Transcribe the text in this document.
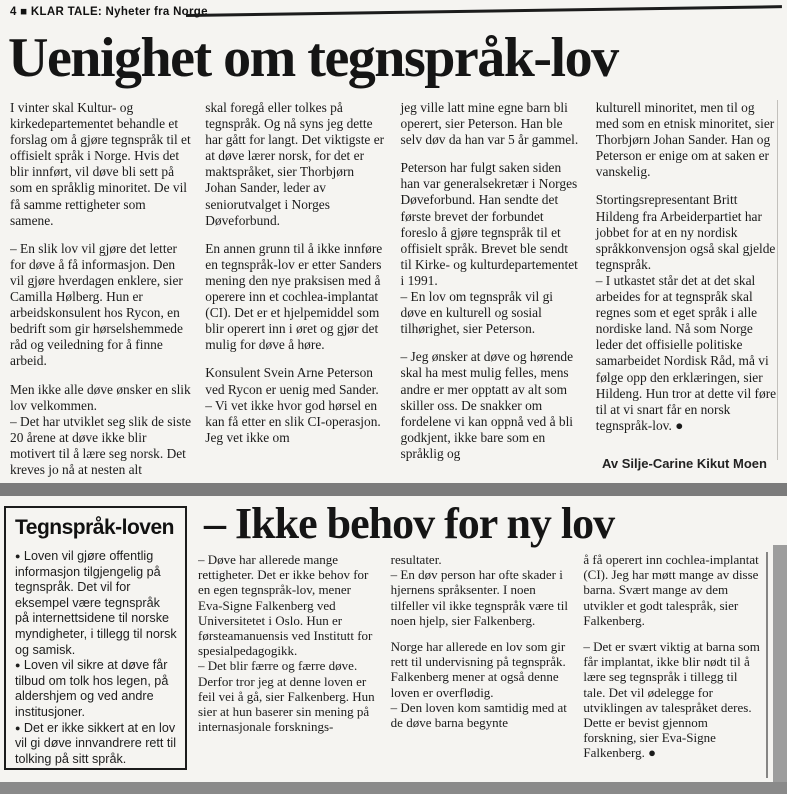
4 ■ KLAR TALE: Nyheter fra Norge
Uenighet om tegnspråk-lov

I vinter skal Kultur- og kirkedepartementet behandle et forslag om å gjøre tegnspråk til et offisielt språk i Norge. Hvis det blir innført, vil døve bli sett på som en språklig minoritet. De vil få samme rettigheter som samene.

– En slik lov vil gjøre det letter for døve å få informasjon. Den vil gjøre hverdagen enklere, sier Camilla Hølberg. Hun er arbeidskonsulent hos Rycon, en bedrift som gir hørselshemmede råd og veiledning for å finne arbeid.

Men ikke alle døve ønsker en slik lov velkommen.

– Det har utviklet seg slik de siste 20 årene at døve ikke blir motivert til å lære seg norsk. Det kreves jo nå at nesten alt

skal foregå eller tolkes på tegnspråk. Og nå syns jeg dette har gått for langt. Det viktigste er at døve lærer norsk, for det er maktspråket, sier Thorbjørn Johan Sander, leder av seniorutvalget i Norges Døveforbund.

En annen grunn til å ikke innføre en tegnspråk-lov er etter Sanders mening den nye praksisen med å operere inn et cochlea-implantat (CI). Det er et hjelpemiddel som blir operert inn i øret og gjør det mulig for døve å høre.

Konsulent Svein Arne Peterson ved Rycon er uenig med Sander.

– Vi vet ikke hvor god hørsel en kan få etter en slik CI-operasjon. Jeg vet ikke om

jeg ville latt mine egne barn bli operert, sier Peterson. Han ble selv døv da han var 5 år gammel.

Peterson har fulgt saken siden han var generalsekretær i Norges Døveforbund. Han sendte det første brevet der forbundet foreslo å gjøre tegnspråk til et offisielt språk. Brevet ble sendt til Kirke- og kulturdepartementet i 1991.

– En lov om tegnspråk vil gi døve en kulturell og sosial tilhørighet, sier Peterson.

– Jeg ønsker at døve og hørende skal ha mest mulig felles, mens andre er mer opptatt av alt som skiller oss. De snakker om fordelene vi kan oppnå ved å bli godkjent, ikke bare som en språklig og

kulturell minoritet, men til og med som en etnisk minoritet, sier Thorbjørn Johan Sander. Han og Peterson er enige om at saken er vanskelig.

Stortingsrepresentant Britt Hildeng fra Arbeiderpartiet har jobbet for at en ny nordisk språkkonvensjon også skal gjelde tegnspråk.

– I utkastet står det at det skal arbeides for at tegnspråk skal regnes som et eget språk i alle nordiske land. Nå som Norge leder det offisielle politiske samarbeidet Nordisk Råd, må vi følge opp den erklæringen, sier Hildeng. Hun tror at dette vil føre til at vi snart får en norsk tegnspråk-lov. ●

Av Silje-Carine Kikut Moen
Tegnspråk-loven
● Loven vil gjøre offentlig informasjon tilgjengelig på tegnspråk. Det vil for eksempel være tegnspråk på internettsidene til norske myndigheter, i tillegg til norsk og samisk.
● Loven vil sikre at døve får tilbud om tolk hos legen, på aldershjem og ved andre institusjoner.
● Det er ikke sikkert at en lov vil gi døve innvandrere rett til tolking på sitt språk.
– Ikke behov for ny lov

– Døve har allerede mange rettigheter. Det er ikke behov for en egen tegnspråk-lov, mener Eva-Signe Falkenberg ved Universitetet i Oslo. Hun er førsteamanuensis ved Institutt for spesialpedagogikk.

– Det blir færre og færre døve. Derfor tror jeg at denne loven er feil vei å gå, sier Falkenberg. Hun sier at hun baserer sin mening på internasjonale forsknings-

resultater.

– En døv person har ofte skader i hjernens språksenter. I noen tilfeller vil ikke tegnspråk være til noen hjelp, sier Falkenberg.

Norge har allerede en lov som gir rett til undervisning på tegnspråk. Falkenberg mener at også denne loven er overflødig.

– Den loven kom samtidig med at de døve barna begynte

å få operert inn cochlea-implantat (CI). Jeg har møtt mange av disse barna. Svært mange av dem utvikler et godt talespråk, sier Falkenberg.

– Det er svært viktig at barna som får implantat, ikke blir nødt til å lære seg tegnspråk i tillegg til tale. Det vil ødelegge for utviklingen av talespråket deres. Dette er bevist gjennom forskning, sier Eva-Signe Falkenberg. ●
